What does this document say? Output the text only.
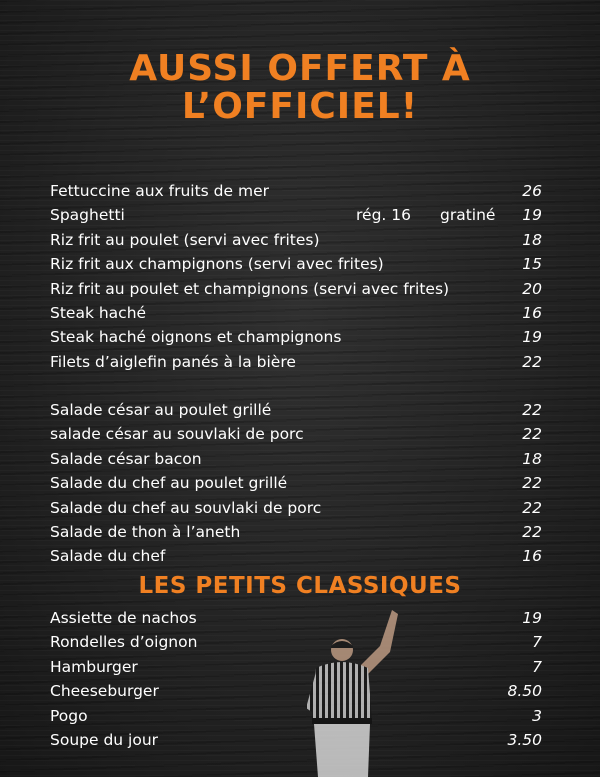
AUSSI OFFERT À
L’OFFICIEL!
Fettuccine aux fruits de mer	26
Spaghetti	rég. 16 gratiné 19
Riz frit au poulet (servi avec frites)	18
Riz frit aux champignons (servi avec frites)	15
Riz frit au poulet et champignons (servi avec frites)	20
Steak haché	16
Steak haché oignons et champignons	19
Filets d’aiglefin panés à la bière	22
Salade césar au poulet grillé	22
salade césar au souvlaki de porc	22
Salade césar bacon	18
Salade du chef au poulet grillé	22
Salade du chef au souvlaki de porc	22
Salade de thon à l’aneth	22
Salade du chef	16
LES PETITS CLASSIQUES
Assiette de nachos	19
Rondelles d’oignon	7
Hamburger	7
Cheeseburger	8.50
Pogo	3
Soupe du jour	3.50
